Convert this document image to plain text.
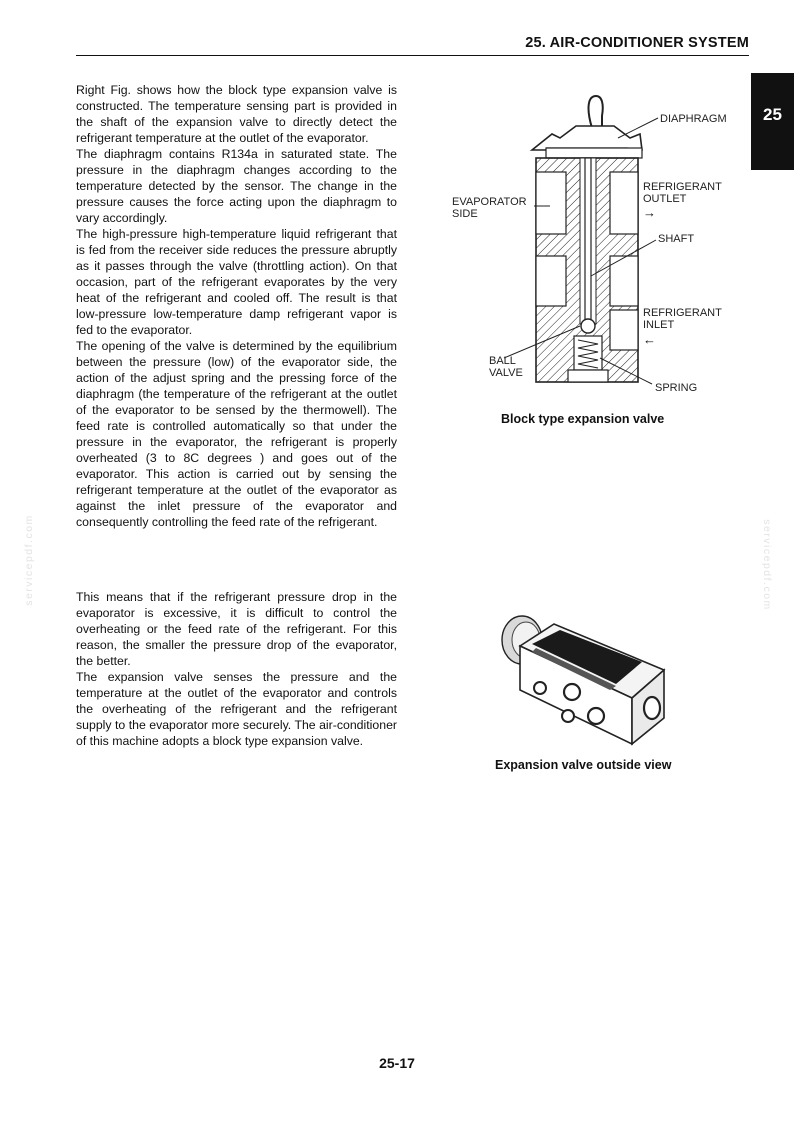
25. AIR-CONDITIONER SYSTEM
25
servicepdf.com	servicepdf.com

Right Fig. shows how the block type expansion valve is constructed. The temperature sensing part is provided in the shaft of the expansion valve to directly detect the refrigerant temperature at the outlet of the evaporator.

The diaphragm contains R134a in saturated state. The pressure in the diaphragm changes according to the temperature detected by the sensor. The change in the pressure causes the force acting upon the diaphragm to vary accordingly.

The high-pressure high-temperature liquid refrigerant that is fed from the receiver side reduces the pressure abruptly as it passes through the valve (throttling action). On that occasion, part of the refrigerant evaporates by the very heat of the refrigerant and cooled off. The result is that low-pressure low-temperature damp refrigerant vapor is fed to the evaporator.

The opening of the valve is determined by the equilibrium between the pressure (low) of the evaporator side, the action of the adjust spring and the pressing force of the diaphragm (the temperature of the refrigerant at the outlet of the evaporator to be sensed by the thermowell). The feed rate is controlled automatically so that under the pressure in the evaporator, the refrigerant is properly overheated (3 to 8C degrees ) and goes out of the evaporator. This action is carried out by sensing the refrigerant temperature at the outlet of the evaporator as against the inlet pressure of the evaporator and consequently controlling the feed rate of the refrigerant.

This means that if the refrigerant pressure drop in the evaporator is excessive, it is difficult to control the overheating or the feed rate of the refrigerant. For this reason, the smaller the pressure drop of the evaporator, the better.

The expansion valve senses the pressure and the temperature at the outlet of the evaporator and controls the overheating of the refrigerant and the refrigerant supply to the evaporator more securely. The air-conditioner of this machine adopts a block type expansion valve.

DIAPHRAGM
EVAPORATOR
SIDE
REFRIGERANT
OUTLET
→
SHAFT
REFRIGERANT
INLET
←
BALL
VALVE
SPRING
Block type expansion valve
Expansion valve outside view
25-17
